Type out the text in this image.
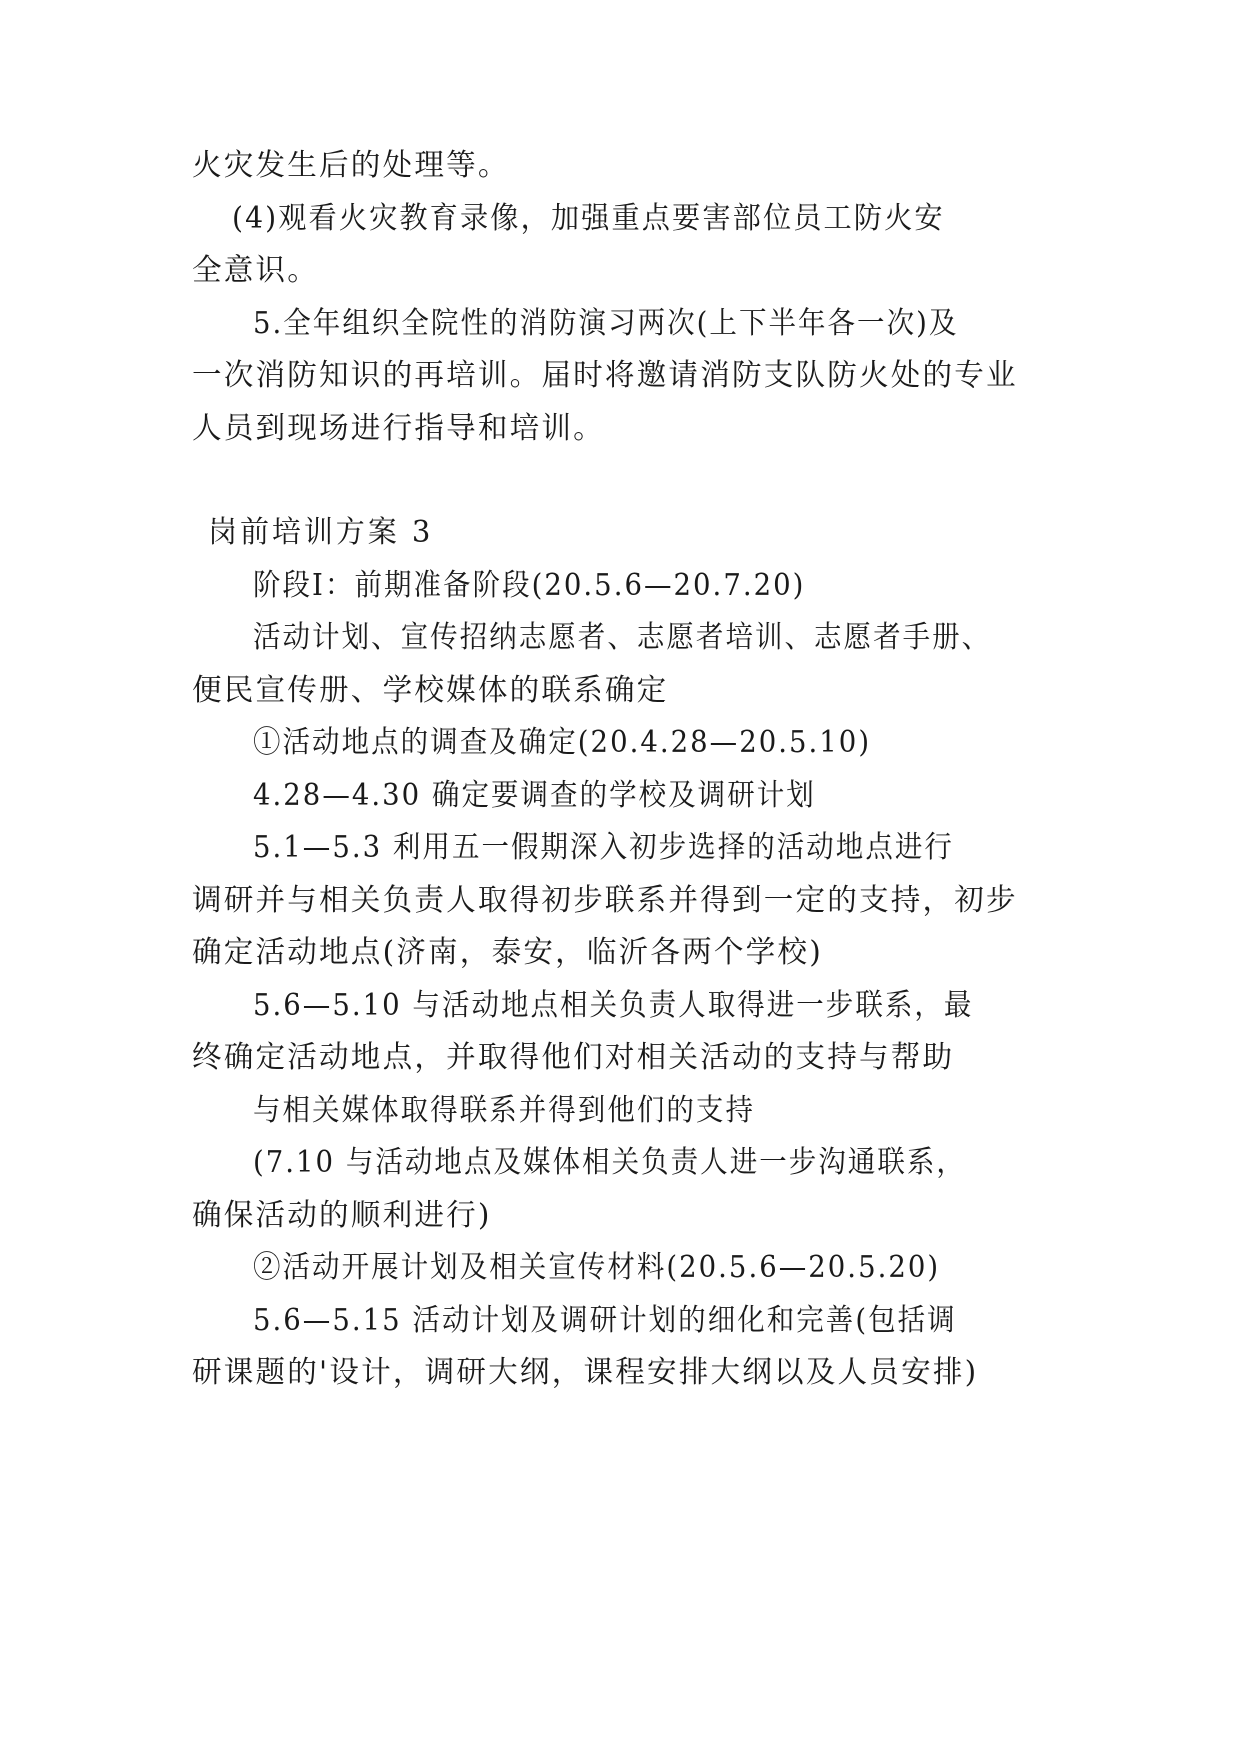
火灾发生后的处理等。
(4)观看火灾教育录像，加强重点要害部位员工防火安
全意识。
5.全年组织全院性的消防演习两次(上下半年各一次)及
一次消防知识的再培训。届时将邀请消防支队防火处的专业
人员到现场进行指导和培训。
岗前培训方案 3
阶段I：前期准备阶段(20.5.6—20.7.20)
活动计划、宣传招纳志愿者、志愿者培训、志愿者手册、
便民宣传册、学校媒体的联系确定
①活动地点的调查及确定(20.4.28—20.5.10)
4.28—4.30 确定要调查的学校及调研计划
5.1—5.3 利用五一假期深入初步选择的活动地点进行
调研并与相关负责人取得初步联系并得到一定的支持，初步
确定活动地点(济南，泰安，临沂各两个学校)
5.6—5.10 与活动地点相关负责人取得进一步联系，最
终确定活动地点，并取得他们对相关活动的支持与帮助
与相关媒体取得联系并得到他们的支持
(7.10 与活动地点及媒体相关负责人进一步沟通联系，
确保活动的顺利进行)
②活动开展计划及相关宣传材料(20.5.6—20.5.20)
5.6—5.15 活动计划及调研计划的细化和完善(包括调
研课题的'设计，调研大纲，课程安排大纲以及人员安排)
